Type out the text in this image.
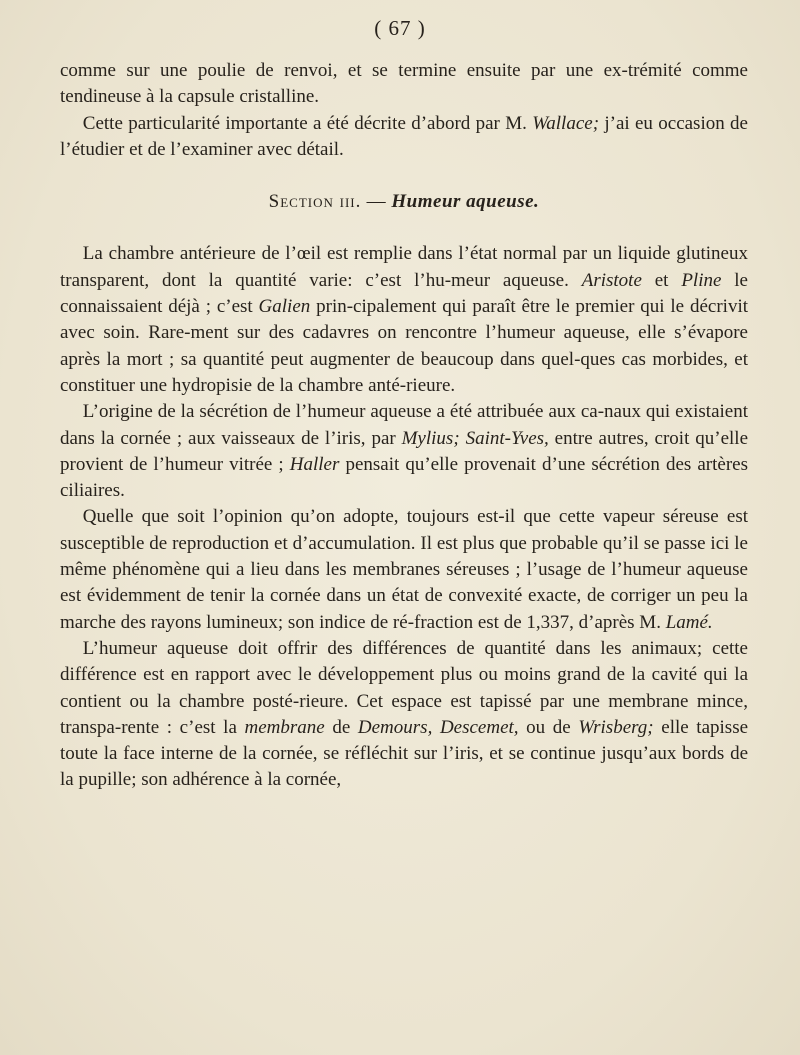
( 67 )

comme sur une poulie de renvoi, et se termine ensuite par une ex-trémité comme tendineuse à la capsule cristalline.

Cette particularité importante a été décrite d’abord par M. Wallace; j’ai eu occasion de l’étudier et de l’examiner avec détail.

Section iii. — Humeur aqueuse.

La chambre antérieure de l’œil est remplie dans l’état normal par un liquide glutineux transparent, dont la quantité varie: c’est l’hu-meur aqueuse. Aristote et Pline le connaissaient déjà ; c’est Galien prin-cipalement qui paraît être le premier qui le décrivit avec soin. Rare-ment sur des cadavres on rencontre l’humeur aqueuse, elle s’évapore après la mort ; sa quantité peut augmenter de beaucoup dans quel-ques cas morbides, et constituer une hydropisie de la chambre anté-rieure.

L’origine de la sécrétion de l’humeur aqueuse a été attribuée aux ca-naux qui existaient dans la cornée ; aux vaisseaux de l’iris, par Mylius; Saint-Yves, entre autres, croit qu’elle provient de l’humeur vitrée ; Haller pensait qu’elle provenait d’une sécrétion des artères ciliaires.

Quelle que soit l’opinion qu’on adopte, toujours est-il que cette vapeur séreuse est susceptible de reproduction et d’accumulation. Il est plus que probable qu’il se passe ici le même phénomène qui a lieu dans les membranes séreuses ; l’usage de l’humeur aqueuse est évidemment de tenir la cornée dans un état de convexité exacte, de corriger un peu la marche des rayons lumineux; son indice de ré-fraction est de 1,337, d’après M. Lamé.

L’humeur aqueuse doit offrir des différences de quantité dans les animaux; cette différence est en rapport avec le développement plus ou moins grand de la cavité qui la contient ou la chambre posté-rieure. Cet espace est tapissé par une membrane mince, transpa-rente : c’est la membrane de Demours, Descemet, ou de Wrisberg; elle tapisse toute la face interne de la cornée, se réfléchit sur l’iris, et se continue jusqu’aux bords de la pupille; son adhérence à la cornée,
